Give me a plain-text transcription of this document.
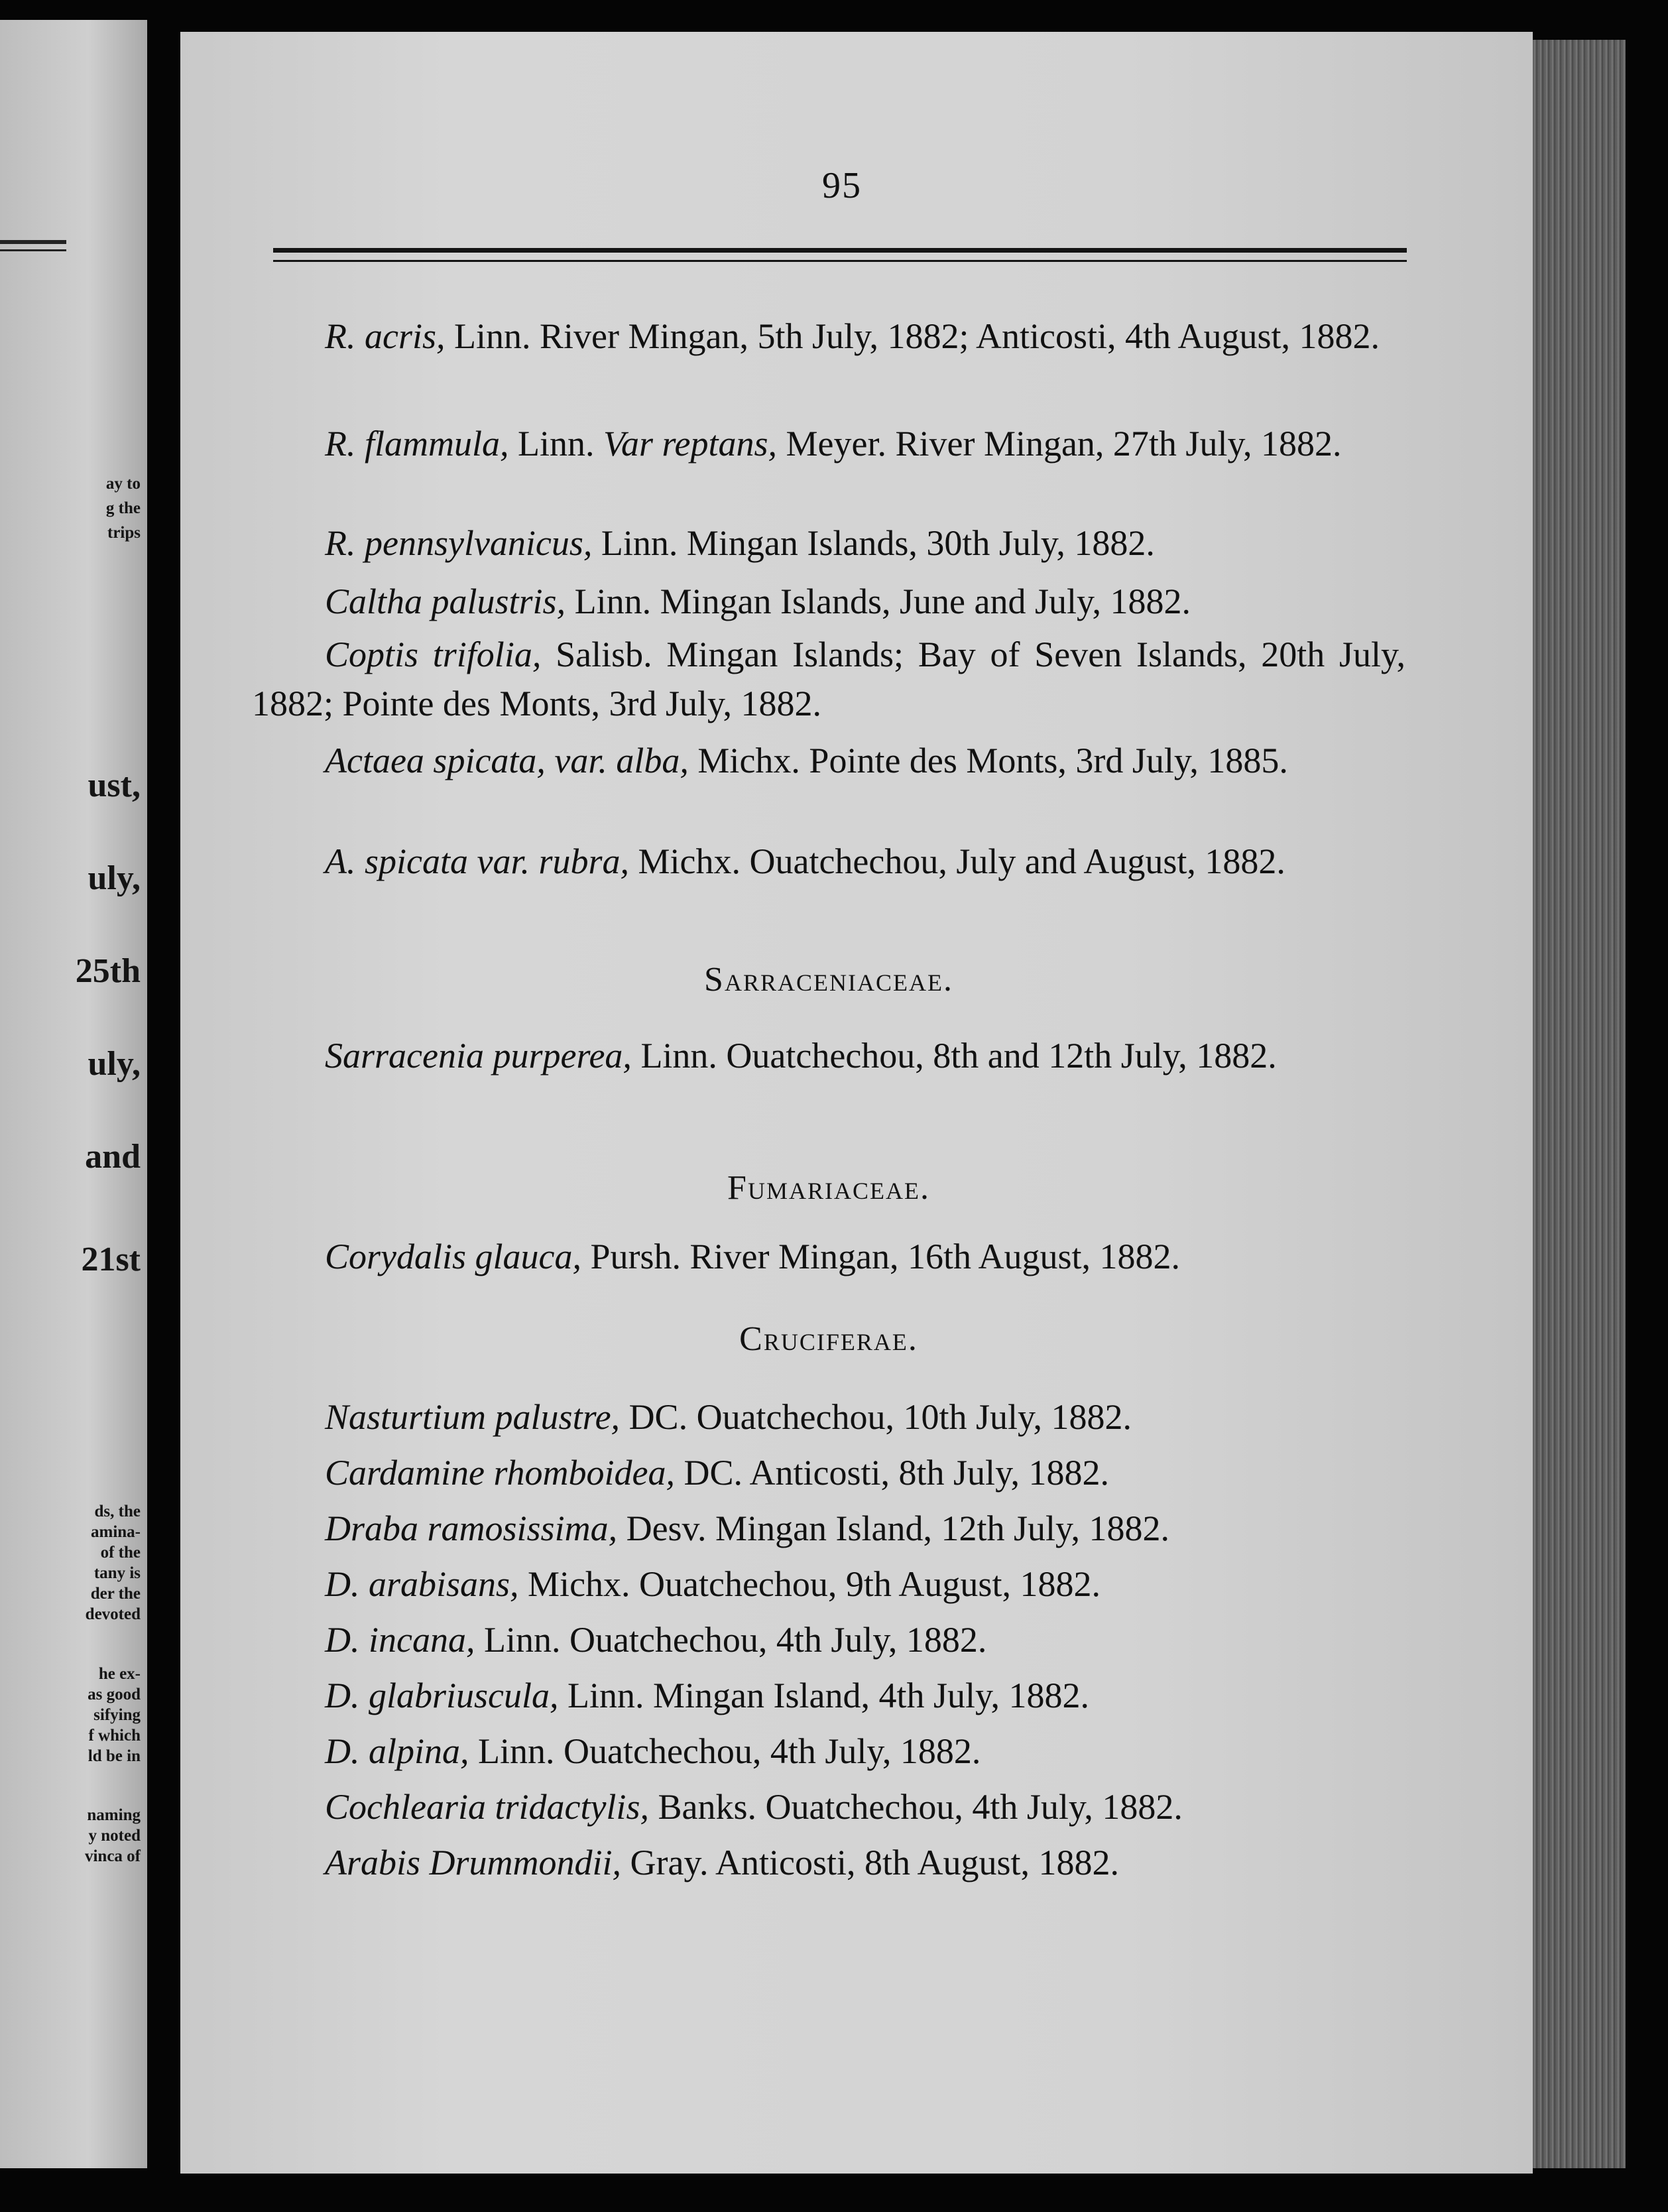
ay to
g the
trips
ust,
uly,
25th
uly,
and
21st
ds, the
amina-
of the
tany is
der the
devoted
he ex-
as good
sifying
f which
ld be in
naming
y noted
vinca of
95

R. acris, Linn. River Mingan, 5th July, 1882; Anticosti, 4th August, 1882.

R. flammula, Linn. Var reptans, Meyer. River Mingan, 27th July, 1882.

R. pennsylvanicus, Linn. Mingan Islands, 30th July, 1882.

Caltha palustris, Linn. Mingan Islands, June and July, 1882.

Coptis trifolia, Salisb. Mingan Islands; Bay of Seven Islands, 20th July, 1882; Pointe des Monts, 3rd July, 1882.

Actaea spicata, var. alba, Michx. Pointe des Monts, 3rd July, 1885.

A. spicata var. rubra, Michx. Ouatchechou, July and August, 1882.

Sarraceniaceae.

Sarracenia purperea, Linn. Ouatchechou, 8th and 12th July, 1882.

Fumariaceae.

Corydalis glauca, Pursh. River Mingan, 16th August, 1882.

Cruciferae.

Nasturtium palustre, DC. Ouatchechou, 10th July, 1882.

Cardamine rhomboidea, DC. Anticosti, 8th July, 1882.

Draba ramosissima, Desv. Mingan Island, 12th July, 1882.

D. arabisans, Michx. Ouatchechou, 9th August, 1882.

D. incana, Linn. Ouatchechou, 4th July, 1882.

D. glabriuscula, Linn. Mingan Island, 4th July, 1882.

D. alpina, Linn. Ouatchechou, 4th July, 1882.

Cochlearia tridactylis, Banks. Ouatchechou, 4th July, 1882.

Arabis Drummondii, Gray. Anticosti, 8th August, 1882.
